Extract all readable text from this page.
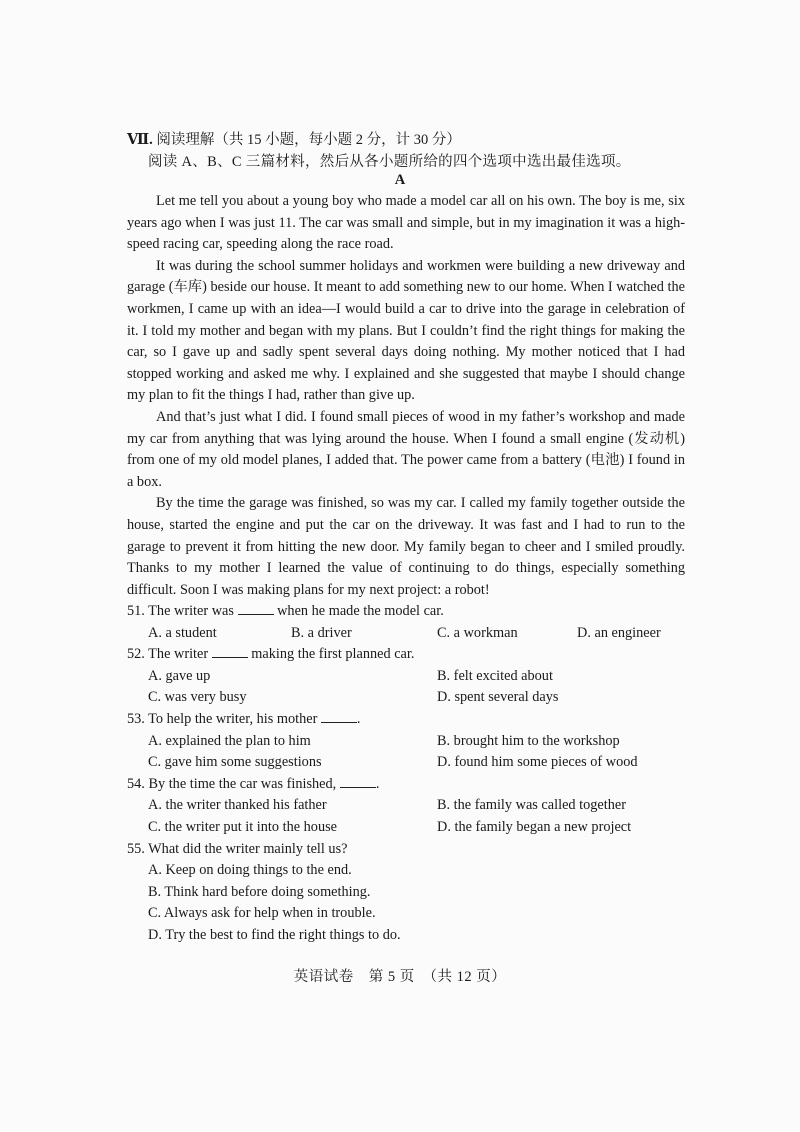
Ⅶ. 阅读理解（共 15 小题，每小题 2 分，计 30 分）
阅读 A、B、C 三篇材料，然后从各小题所给的四个选项中选出最佳选项。
A

Let me tell you about a young boy who made a model car all on his own. The boy is me, six years ago when I was just 11. The car was small and simple, but in my imagination it was a high-speed racing car, speeding along the race road.

It was during the school summer holidays and workmen were building a new driveway and garage (车库) beside our house. It meant to add something new to our home. When I watched the workmen, I came up with an idea—I would build a car to drive into the garage in celebration of it. I told my mother and began with my plans. But I couldn’t find the right things for making the car, so I gave up and sadly spent several days doing nothing. My mother noticed that I had stopped working and asked me why. I explained and she suggested that maybe I should change my plan to fit the things I had, rather than give up.

And that’s just what I did. I found small pieces of wood in my father’s workshop and made my car from anything that was lying around the house. When I found a small engine (发动机) from one of my old model planes, I added that. The power came from a battery (电池) I found in a box.

By the time the garage was finished, so was my car. I called my family together outside the house, started the engine and put the car on the driveway. It was fast and I had to run to the garage to prevent it from hitting the new door. My family began to cheer and I smiled proudly. Thanks to my mother I learned the value of continuing to do things, especially something difficult. Soon I was making plans for my next project: a robot!

51. The writer was	when he made the model car.
A. a student	B. a driver	C. a workman	D. an engineer
52. The writer	making the first planned car.
A. gave up	B. felt excited about
C. was very busy	D. spent several days
53. To help the writer, his mother	.
A. explained the plan to him	B. brought him to the workshop
C. gave him some suggestions	D. found him some pieces of wood
54. By the time the car was finished,	.
A. the writer thanked his father	B. the family was called together
C. the writer put it into the house	D. the family began a new project
55. What did the writer mainly tell us?
A. Keep on doing things to the end.
B. Think hard before doing something.
C. Always ask for help when in trouble.
D. Try the best to find the right things to do.
英语试卷　第 5 页　（共 12 页）
